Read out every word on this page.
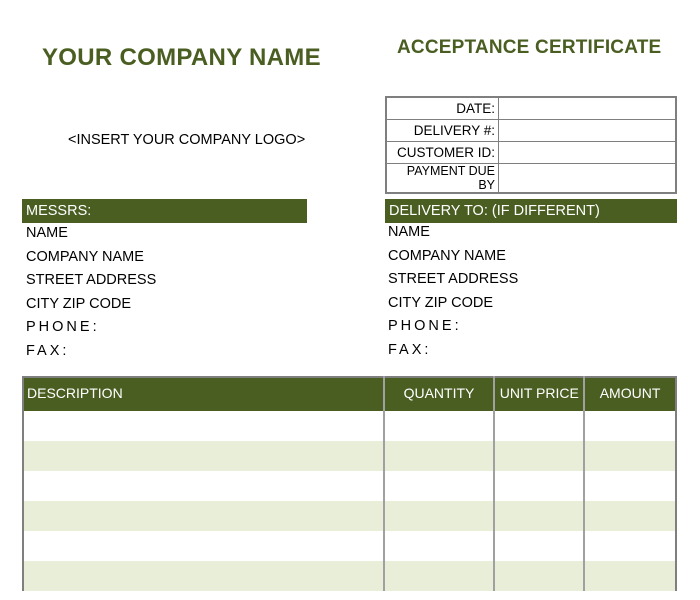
YOUR COMPANY NAME	ACCEPTANCE CERTIFICATE
<INSERT YOUR COMPANY LOGO>
DATE:	
DELIVERY #:	
CUSTOMER ID:	
PAYMENT DUE BY	
MESSRS:
NAME
COMPANY NAME
STREET ADDRESS
CITY ZIP CODE
PHONE:
FAX:
DELIVERY TO: (IF DIFFERENT)
NAME
COMPANY NAME
STREET ADDRESS
CITY ZIP CODE
PHONE:
FAX:
DESCRIPTION	QUANTITY	UNIT PRICE	AMOUNT
